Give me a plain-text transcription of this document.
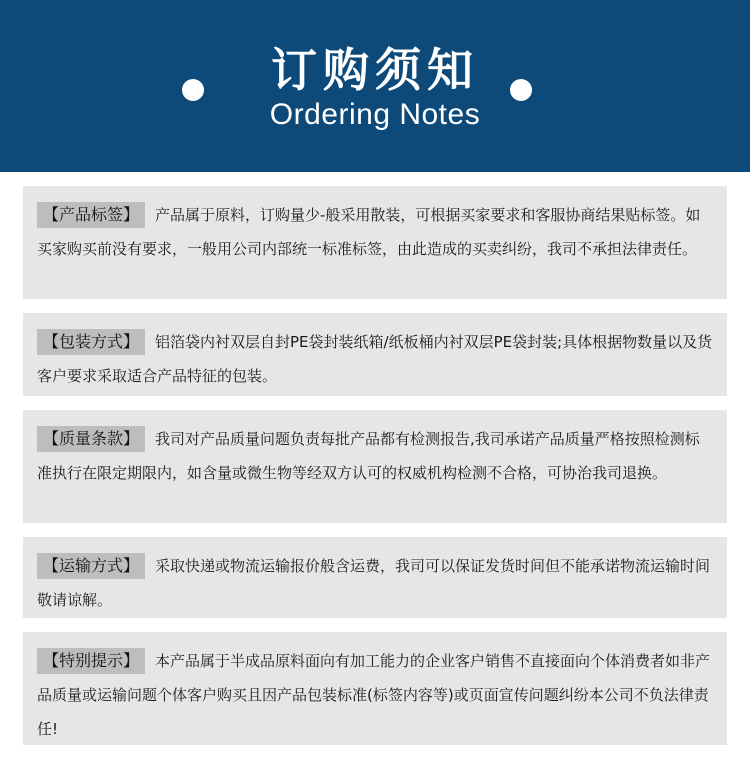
订购须知
Ordering Notes
【产品标签】 产品属于原料，订购量少-般采用散装，可根据买家要求和客服协商结果贴标签。如买家购买前没有要求，一般用公司内部统一标准标签，由此造成的买卖纠纷，我司不承担法律责任。
【包装方式】 铝箔袋内衬双层自封PE袋封装纸箱/纸板桶内衬双层PE袋封装;具体根据物数量以及货客户要求采取适合产品特征的包装。
【质量条款】 我司对产品质量问题负责每批产品都有检测报告,我司承诺产品质量严格按照检测标准执行在限定期限内，如含量或微生物等经双方认可的权威机构检测不合格，可协治我司退换。
【运输方式】 采取快递或物流运输报价般含运费，我司可以保证发货时间但不能承诺物流运输时间敬请谅解。
【特别提示】 本产品属于半成品原料面向有加工能力的企业客户销售不直接面向个体消费者如非产品质量或运输问题个体客户购买且因产品包装标准(标签内容等)或页面宣传问题纠纷本公司不负法律责任!
